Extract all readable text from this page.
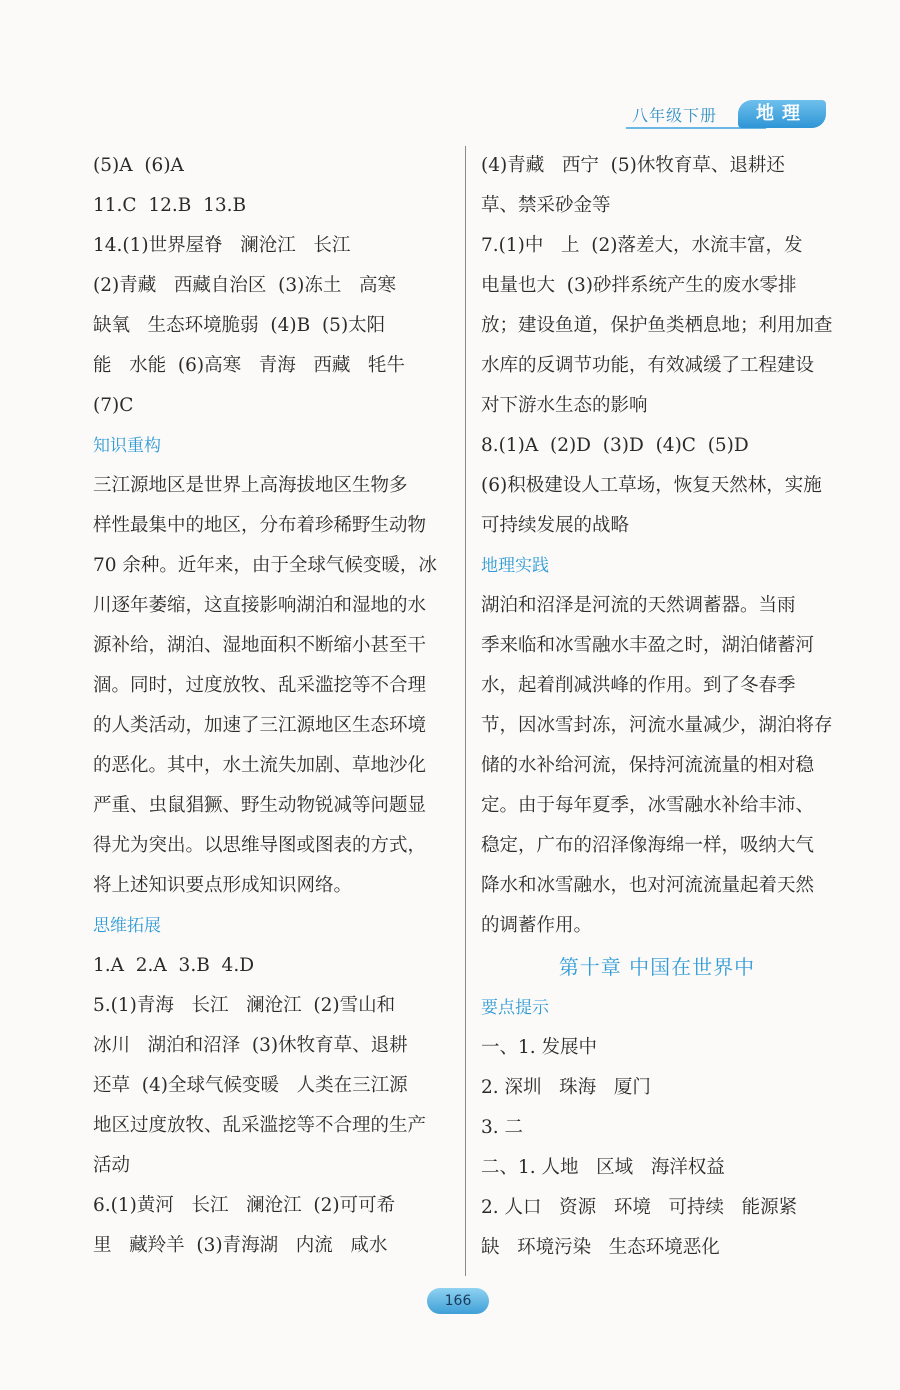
八年级下册	地理
(5)A  (6)A
11.C  12.B  13.B
14.(1)世界屋脊   澜沧江   长江
(2)青藏   西藏自治区  (3)冻土   高寒
缺氧   生态环境脆弱  (4)B  (5)太阳
能   水能  (6)高寒   青海   西藏   牦牛
(7)C
知识重构
三江源地区是世界上高海拔地区生物多
样性最集中的地区，分布着珍稀野生动物
70 余种。近年来，由于全球气候变暖，冰
川逐年萎缩，这直接影响湖泊和湿地的水
源补给，湖泊、湿地面积不断缩小甚至干
涸。同时，过度放牧、乱采滥挖等不合理
的人类活动，加速了三江源地区生态环境
的恶化。其中，水土流失加剧、草地沙化
严重、虫鼠猖獗、野生动物锐减等问题显
得尤为突出。以思维导图或图表的方式，
将上述知识要点形成知识网络。
思维拓展
1.A  2.A  3.B  4.D
5.(1)青海   长江   澜沧江  (2)雪山和
冰川   湖泊和沼泽  (3)休牧育草、退耕
还草  (4)全球气候变暖   人类在三江源
地区过度放牧、乱采滥挖等不合理的生产
活动
6.(1)黄河   长江   澜沧江  (2)可可希
里   藏羚羊  (3)青海湖   内流   咸水
(4)青藏   西宁  (5)休牧育草、退耕还
草、禁采砂金等
7.(1)中   上  (2)落差大，水流丰富，发
电量也大  (3)砂拌系统产生的废水零排
放；建设鱼道，保护鱼类栖息地；利用加查
水库的反调节功能，有效减缓了工程建设
对下游水生态的影响
8.(1)A  (2)D  (3)D  (4)C  (5)D
(6)积极建设人工草场，恢复天然林，实施
可持续发展的战略
地理实践
湖泊和沼泽是河流的天然调蓄器。当雨
季来临和冰雪融水丰盈之时，湖泊储蓄河
水，起着削减洪峰的作用。到了冬春季
节，因冰雪封冻，河流水量减少，湖泊将存
储的水补给河流，保持河流流量的相对稳
定。由于每年夏季，冰雪融水补给丰沛、
稳定，广布的沼泽像海绵一样，吸纳大气
降水和冰雪融水，也对河流流量起着天然
的调蓄作用。
第十章 中国在世界中
要点提示
一、1. 发展中
2. 深圳   珠海   厦门
3. 二
二、1. 人地   区域   海洋权益
2. 人口   资源   环境   可持续   能源紧
缺   环境污染   生态环境恶化
166
